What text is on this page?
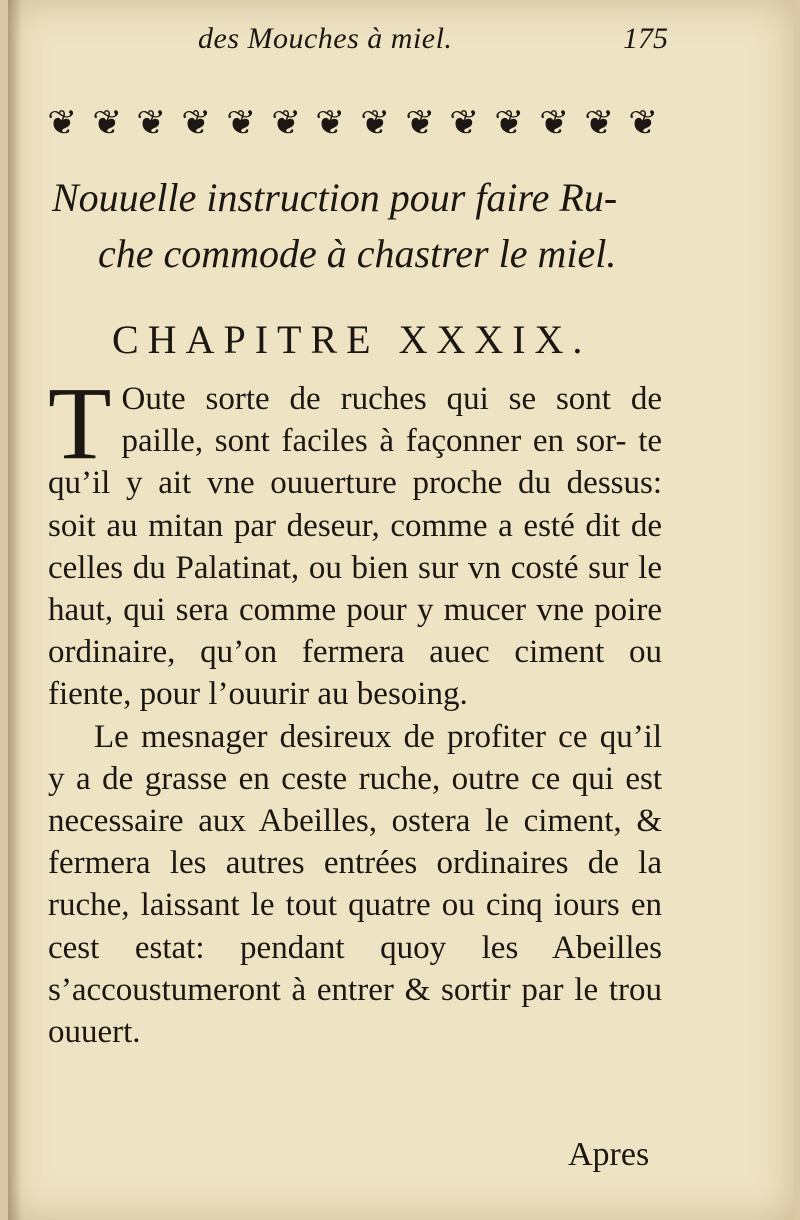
des Mouches à miel.	175
❦ ❦ ❦ ❦ ❦ ❦ ❦ ❦ ❦ ❦ ❦ ❦ ❦ ❦
Nouuelle instruction pour faire Ru-
che commode à chastrer le miel.
CHAPITRE XXXIX.

T Oute sorte de ruches qui se sont de paille, sont faciles à façonner en sor- te qu’il y ait vne ouuerture proche du dessus: soit au mitan par deseur, comme a esté dit de celles du Palatinat, ou bien sur vn costé sur le haut, qui sera comme pour y mucer vne poire ordinaire, qu’on fermera auec ciment ou fiente, pour l’ouurir au besoing.

Le mesnager desireux de profiter ce qu’il y a de grasse en ceste ruche, outre ce qui est necessaire aux Abeilles, ostera le ciment, & fermera les autres entrées ordinaires de la ruche, laissant le tout quatre ou cinq iours en cest estat: pendant quoy les Abeilles s’accoustumeront à entrer & sortir par le trou ouuert.

Apres
